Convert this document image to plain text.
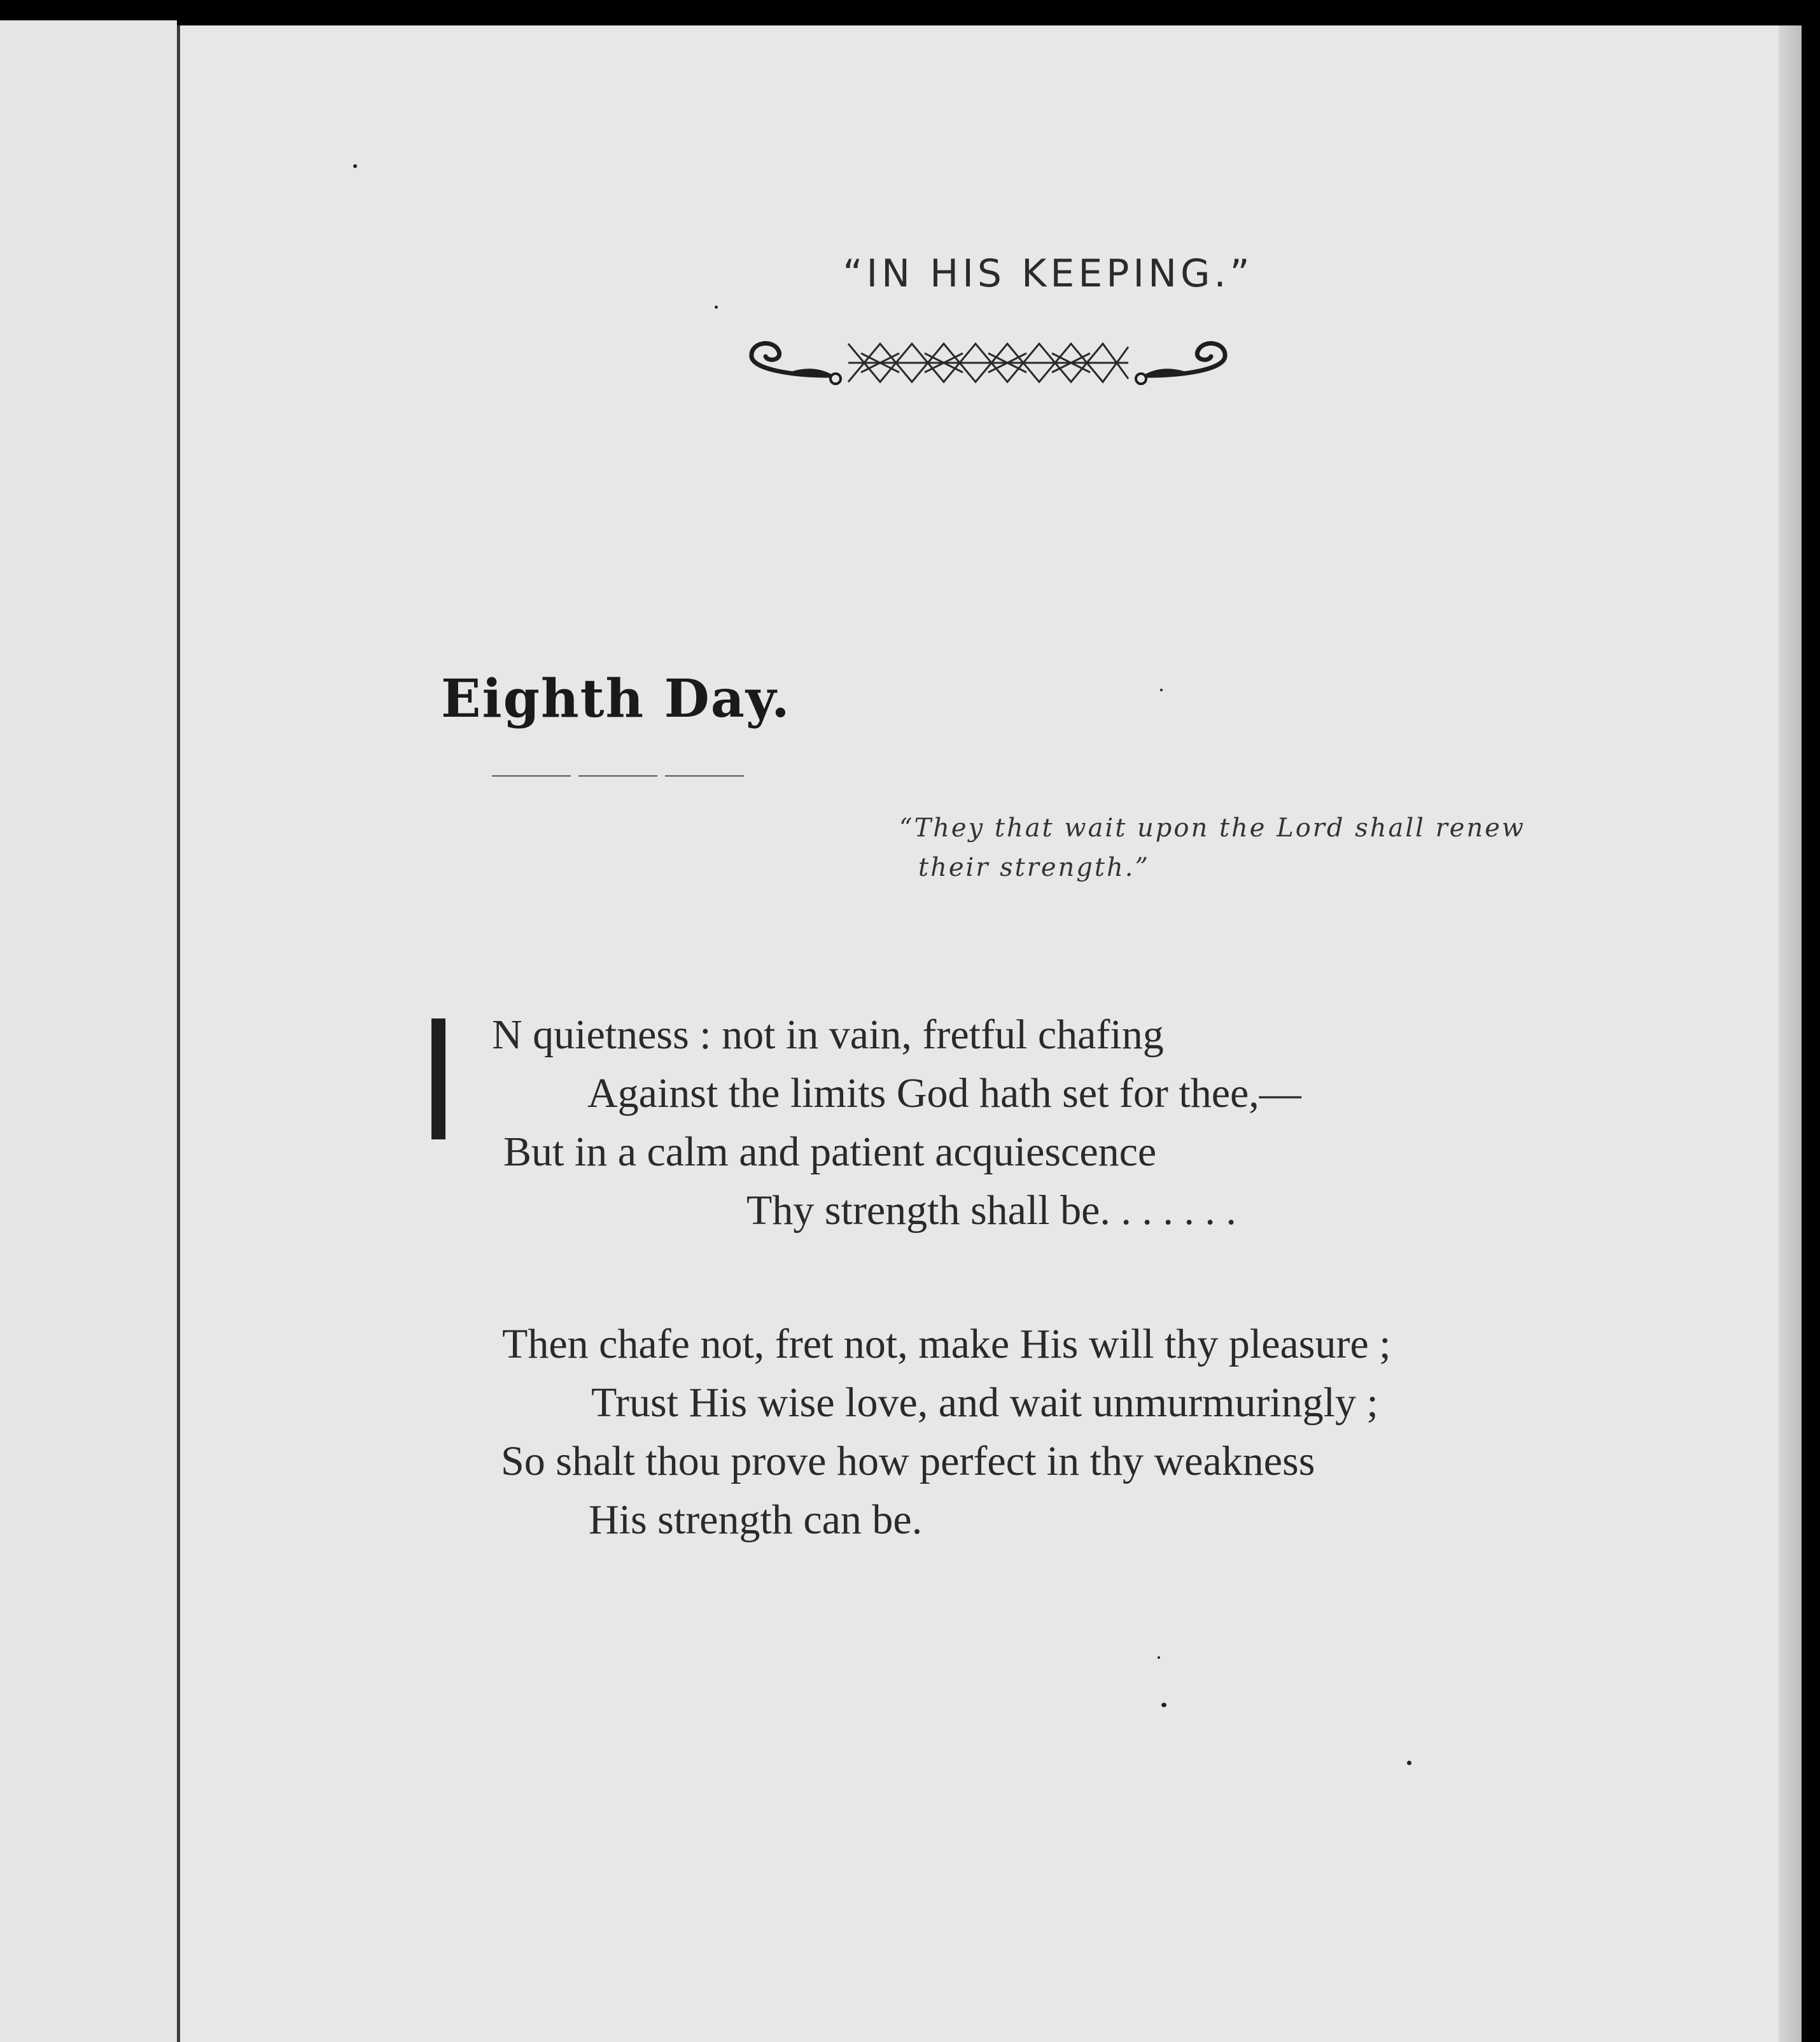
“IN HIS KEEPING.”
Eighth Day.
“They that wait upon the Lord shall renew
their strength.”
N quietness : not in vain, fretful chafing
Against the limits God hath set for thee,—
But in a calm and patient acquiescence
Thy strength shall be. . . . . . .
Then chafe not, fret not, make His will thy pleasure ;
Trust His wise love, and wait unmurmuringly ;
So shalt thou prove how perfect in thy weakness
His strength can be.
